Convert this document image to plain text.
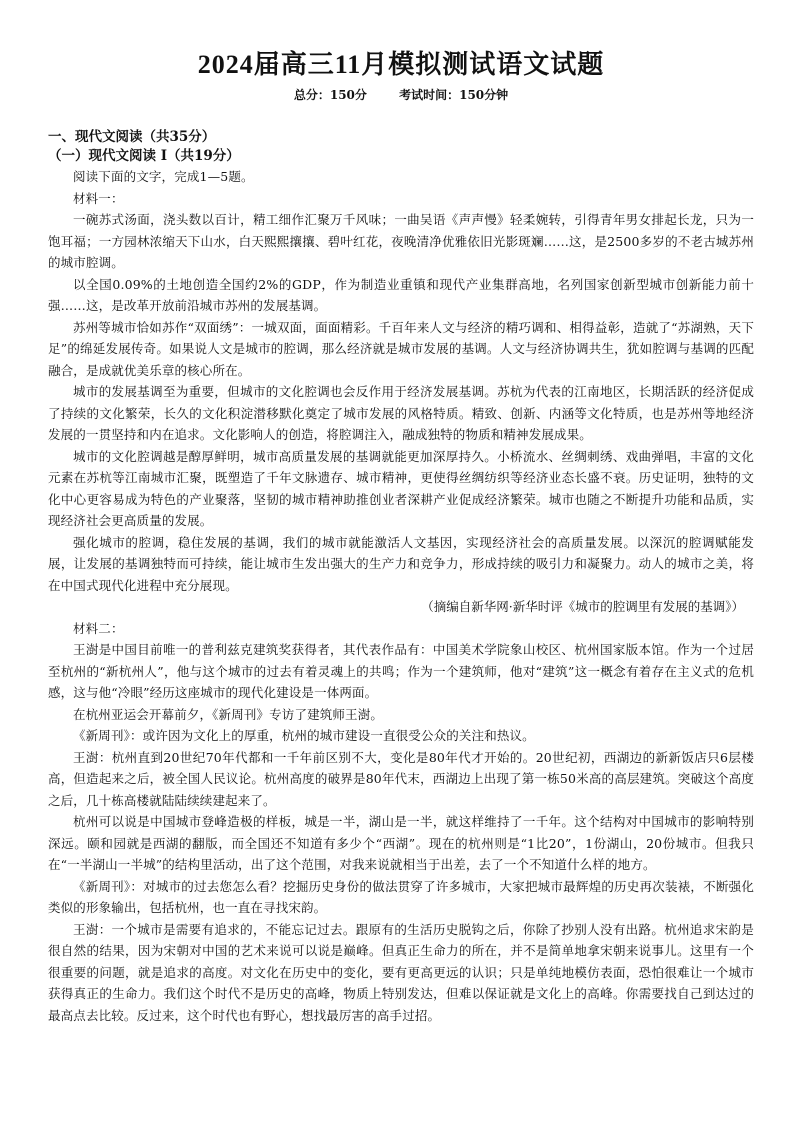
2024届高三11月模拟测试语文试题
总分：150分	考试时间：150分钟

一、现代文阅读（共35分）

（一）现代文阅读 I（共19分）

阅读下面的文字，完成1—5题。

材料一：

一碗苏式汤面，浇头数以百计，精工细作汇聚万千风味；一曲吴语《声声慢》轻柔婉转，引得青年男女排起长龙，只为一饱耳福；一方园林浓缩天下山水，白天熙熙攘攘、碧叶红花，夜晚清净优雅依旧光影斑斓……这，是2500多岁的不老古城苏州的城市腔调。

以全国0.09%的土地创造全国约2%的GDP，作为制造业重镇和现代产业集群高地，名列国家创新型城市创新能力前十强……这，是改革开放前沿城市苏州的发展基调。

苏州等城市恰如苏作“双面绣”：一城双面，面面精彩。千百年来人文与经济的精巧调和、相得益彰，造就了“苏湖熟，天下足”的绵延发展传奇。如果说人文是城市的腔调，那么经济就是城市发展的基调。人文与经济协调共生，犹如腔调与基调的匹配融合，是成就优美乐章的核心所在。

城市的发展基调至为重要，但城市的文化腔调也会反作用于经济发展基调。苏杭为代表的江南地区，长期活跃的经济促成了持续的文化繁荣，长久的文化积淀潜移默化奠定了城市发展的风格特质。精致、创新、内涵等文化特质，也是苏州等地经济发展的一贯坚持和内在追求。文化影响人的创造，将腔调注入，融成独特的物质和精神发展成果。

城市的文化腔调越是醇厚鲜明，城市高质量发展的基调就能更加深厚持久。小桥流水、丝绸刺绣、戏曲弹唱，丰富的文化元素在苏杭等江南城市汇聚，既塑造了千年文脉遗存、城市精神，更使得丝绸纺织等经济业态长盛不衰。历史证明，独特的文化中心更容易成为特色的产业聚落，坚韧的城市精神助推创业者深耕产业促成经济繁荣。城市也随之不断提升功能和品质，实现经济社会更高质量的发展。

强化城市的腔调，稳住发展的基调，我们的城市就能激活人文基因，实现经济社会的高质量发展。以深沉的腔调赋能发展，让发展的基调独特而可持续，能让城市生发出强大的生产力和竞争力，形成持续的吸引力和凝聚力。动人的城市之美，将在中国式现代化进程中充分展现。

（摘编自新华网·新华时评《城市的腔调里有发展的基调》）

材料二：

王澍是中国目前唯一的普利兹克建筑奖获得者，其代表作品有：中国美术学院象山校区、杭州国家版本馆。作为一个过居至杭州的“新杭州人”，他与这个城市的过去有着灵魂上的共鸣；作为一个建筑师，他对“建筑”这一概念有着存在主义式的危机感，这与他“冷眼”经历这座城市的现代化建设是一体两面。

在杭州亚运会开幕前夕，《新周刊》专访了建筑师王澍。

《新周刊》：或许因为文化上的厚重，杭州的城市建设一直很受公众的关注和热议。

王澍：杭州直到20世纪70年代都和一千年前区别不大，变化是80年代才开始的。20世纪初，西湖边的新新饭店只6层楼高，但造起来之后，被全国人民议论。杭州高度的破界是80年代末，西湖边上出现了第一栋50米高的高层建筑。突破这个高度之后，几十栋高楼就陆陆续续建起来了。

杭州可以说是中国城市登峰造极的样板，城是一半，湖山是一半，就这样维持了一千年。这个结构对中国城市的影响特别深远。颐和园就是西湖的翻版，而全国还不知道有多少个“西湖”。现在的杭州则是“1比20”，1份湖山，20份城市。但我只在“一半湖山一半城”的结构里活动，出了这个范围，对我来说就相当于出差，去了一个不知道什么样的地方。

《新周刊》：对城市的过去您怎么看？挖掘历史身份的做法贯穿了许多城市，大家把城市最辉煌的历史再次装裱，不断强化类似的形象输出，包括杭州，也一直在寻找宋韵。

王澍：一个城市是需要有追求的，不能忘记过去。跟原有的生活历史脱钩之后，你除了抄别人没有出路。杭州追求宋韵是很自然的结果，因为宋朝对中国的艺术来说可以说是巅峰。但真正生命力的所在，并不是简单地拿宋朝来说事儿。这里有一个很重要的问题，就是追求的高度。对文化在历史中的变化，要有更高更远的认识；只是单纯地模仿表面，恐怕很难让一个城市获得真正的生命力。我们这个时代不是历史的高峰，物质上特别发达，但难以保证就是文化上的高峰。你需要找自己到达过的最高点去比较。反过来，这个时代也有野心，想找最厉害的高手过招。
